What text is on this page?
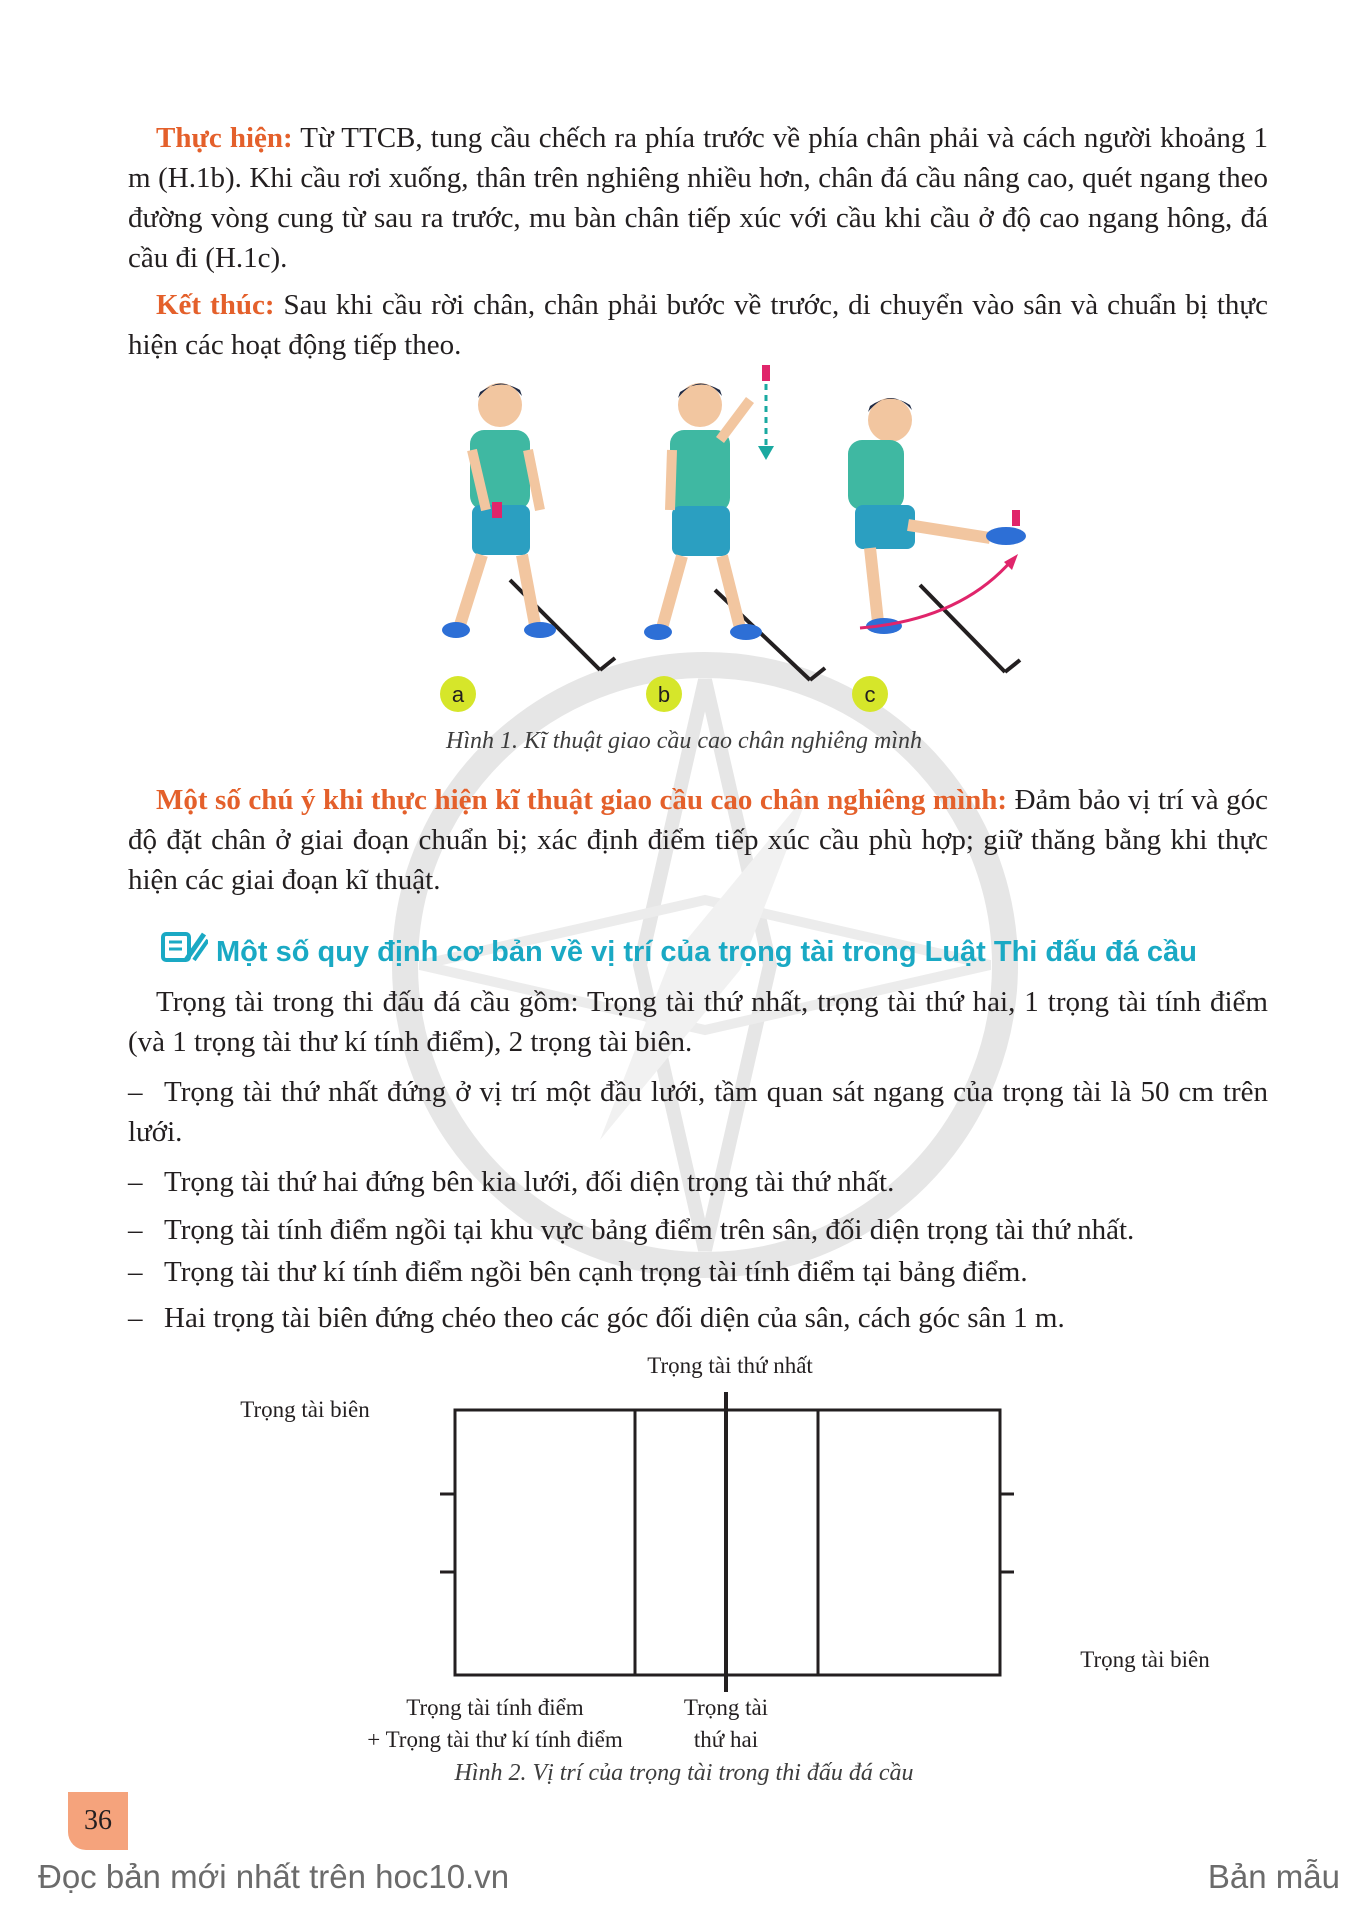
Thực hiện: Từ TTCB, tung cầu chếch ra phía trước về phía chân phải và cách người khoảng 1 m (H.1b). Khi cầu rơi xuống, thân trên nghiêng nhiều hơn, chân đá cầu nâng cao, quét ngang theo đường vòng cung từ sau ra trước, mu bàn chân tiếp xúc với cầu khi cầu ở độ cao ngang hông, đá cầu đi (H.1c).

Kết thúc: Sau khi cầu rời chân, chân phải bước về trước, di chuyển vào sân và chuẩn bị thực hiện các hoạt động tiếp theo.

a	b	c
Hình 1. Kĩ thuật giao cầu cao chân nghiêng mình

Một số chú ý khi thực hiện kĩ thuật giao cầu cao chân nghiêng mình: Đảm bảo vị trí và góc độ đặt chân ở giai đoạn chuẩn bị; xác định điểm tiếp xúc cầu phù hợp; giữ thăng bằng khi thực hiện các giai đoạn kĩ thuật.

Một số quy định cơ bản về vị trí của trọng tài trong Luật Thi đấu đá cầu

Trọng tài trong thi đấu đá cầu gồm: Trọng tài thứ nhất, trọng tài thứ hai, 1 trọng tài tính điểm (và 1 trọng tài thư kí tính điểm), 2 trọng tài biên.

– Trọng tài thứ nhất đứng ở vị trí một đầu lưới, tầm quan sát ngang của trọng tài là 50 cm trên lưới.

– Trọng tài thứ hai đứng bên kia lưới, đối diện trọng tài thứ nhất.

– Trọng tài tính điểm ngồi tại khu vực bảng điểm trên sân, đối diện trọng tài thứ nhất.

– Trọng tài thư kí tính điểm ngồi bên cạnh trọng tài tính điểm tại bảng điểm.

– Hai trọng tài biên đứng chéo theo các góc đối diện của sân, cách góc sân 1 m.

Trọng tài thứ nhất
Trọng tài biên
Trọng tài biên
Trọng tài tính điểm
+ Trọng tài thư kí tính điểm
Trọng tài
thứ hai
Hình 2. Vị trí của trọng tài trong thi đấu đá cầu
36
Đọc bản mới nhất trên hoc10.vn	Bản mẫu
